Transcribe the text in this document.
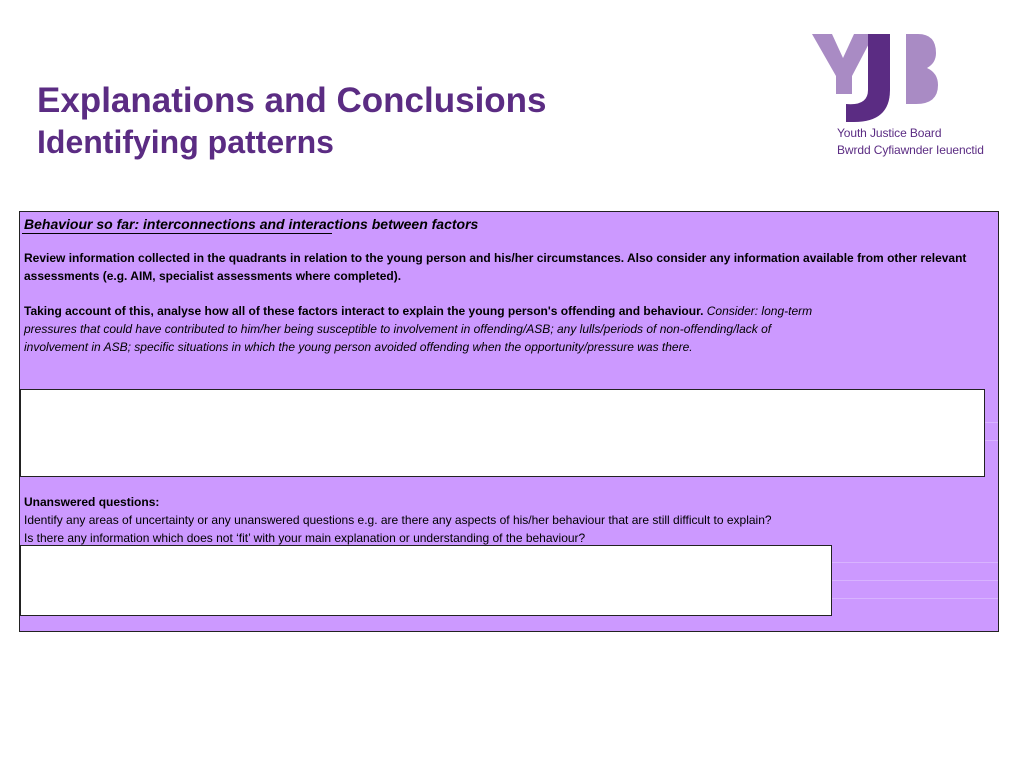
Explanations and Conclusions
Identifying patterns	Youth Justice Board
Bwrdd Cyfiawnder Ieuenctid

Behaviour so far: interconnections and interactions between factors

Review information collected in the quadrants in relation to the young person and his/her circumstances. Also consider any information available from other relevant assessments (e.g. AIM, specialist assessments where completed).

Taking account of this, analyse how all of these factors interact to explain the young person's offending and behaviour. Consider: long-term pressures that could have contributed to him/her being susceptible to involvement in offending/ASB; any lulls/periods of non-offending/lack of involvement in ASB; specific situations in which the young person avoided offending when the opportunity/pressure was there.

Unanswered questions:

Identify any areas of uncertainty or any unanswered questions e.g. are there any aspects of his/her behaviour that are still difficult to explain?
Is there any information which does not ‘fit’ with your main explanation or understanding of the behaviour?
